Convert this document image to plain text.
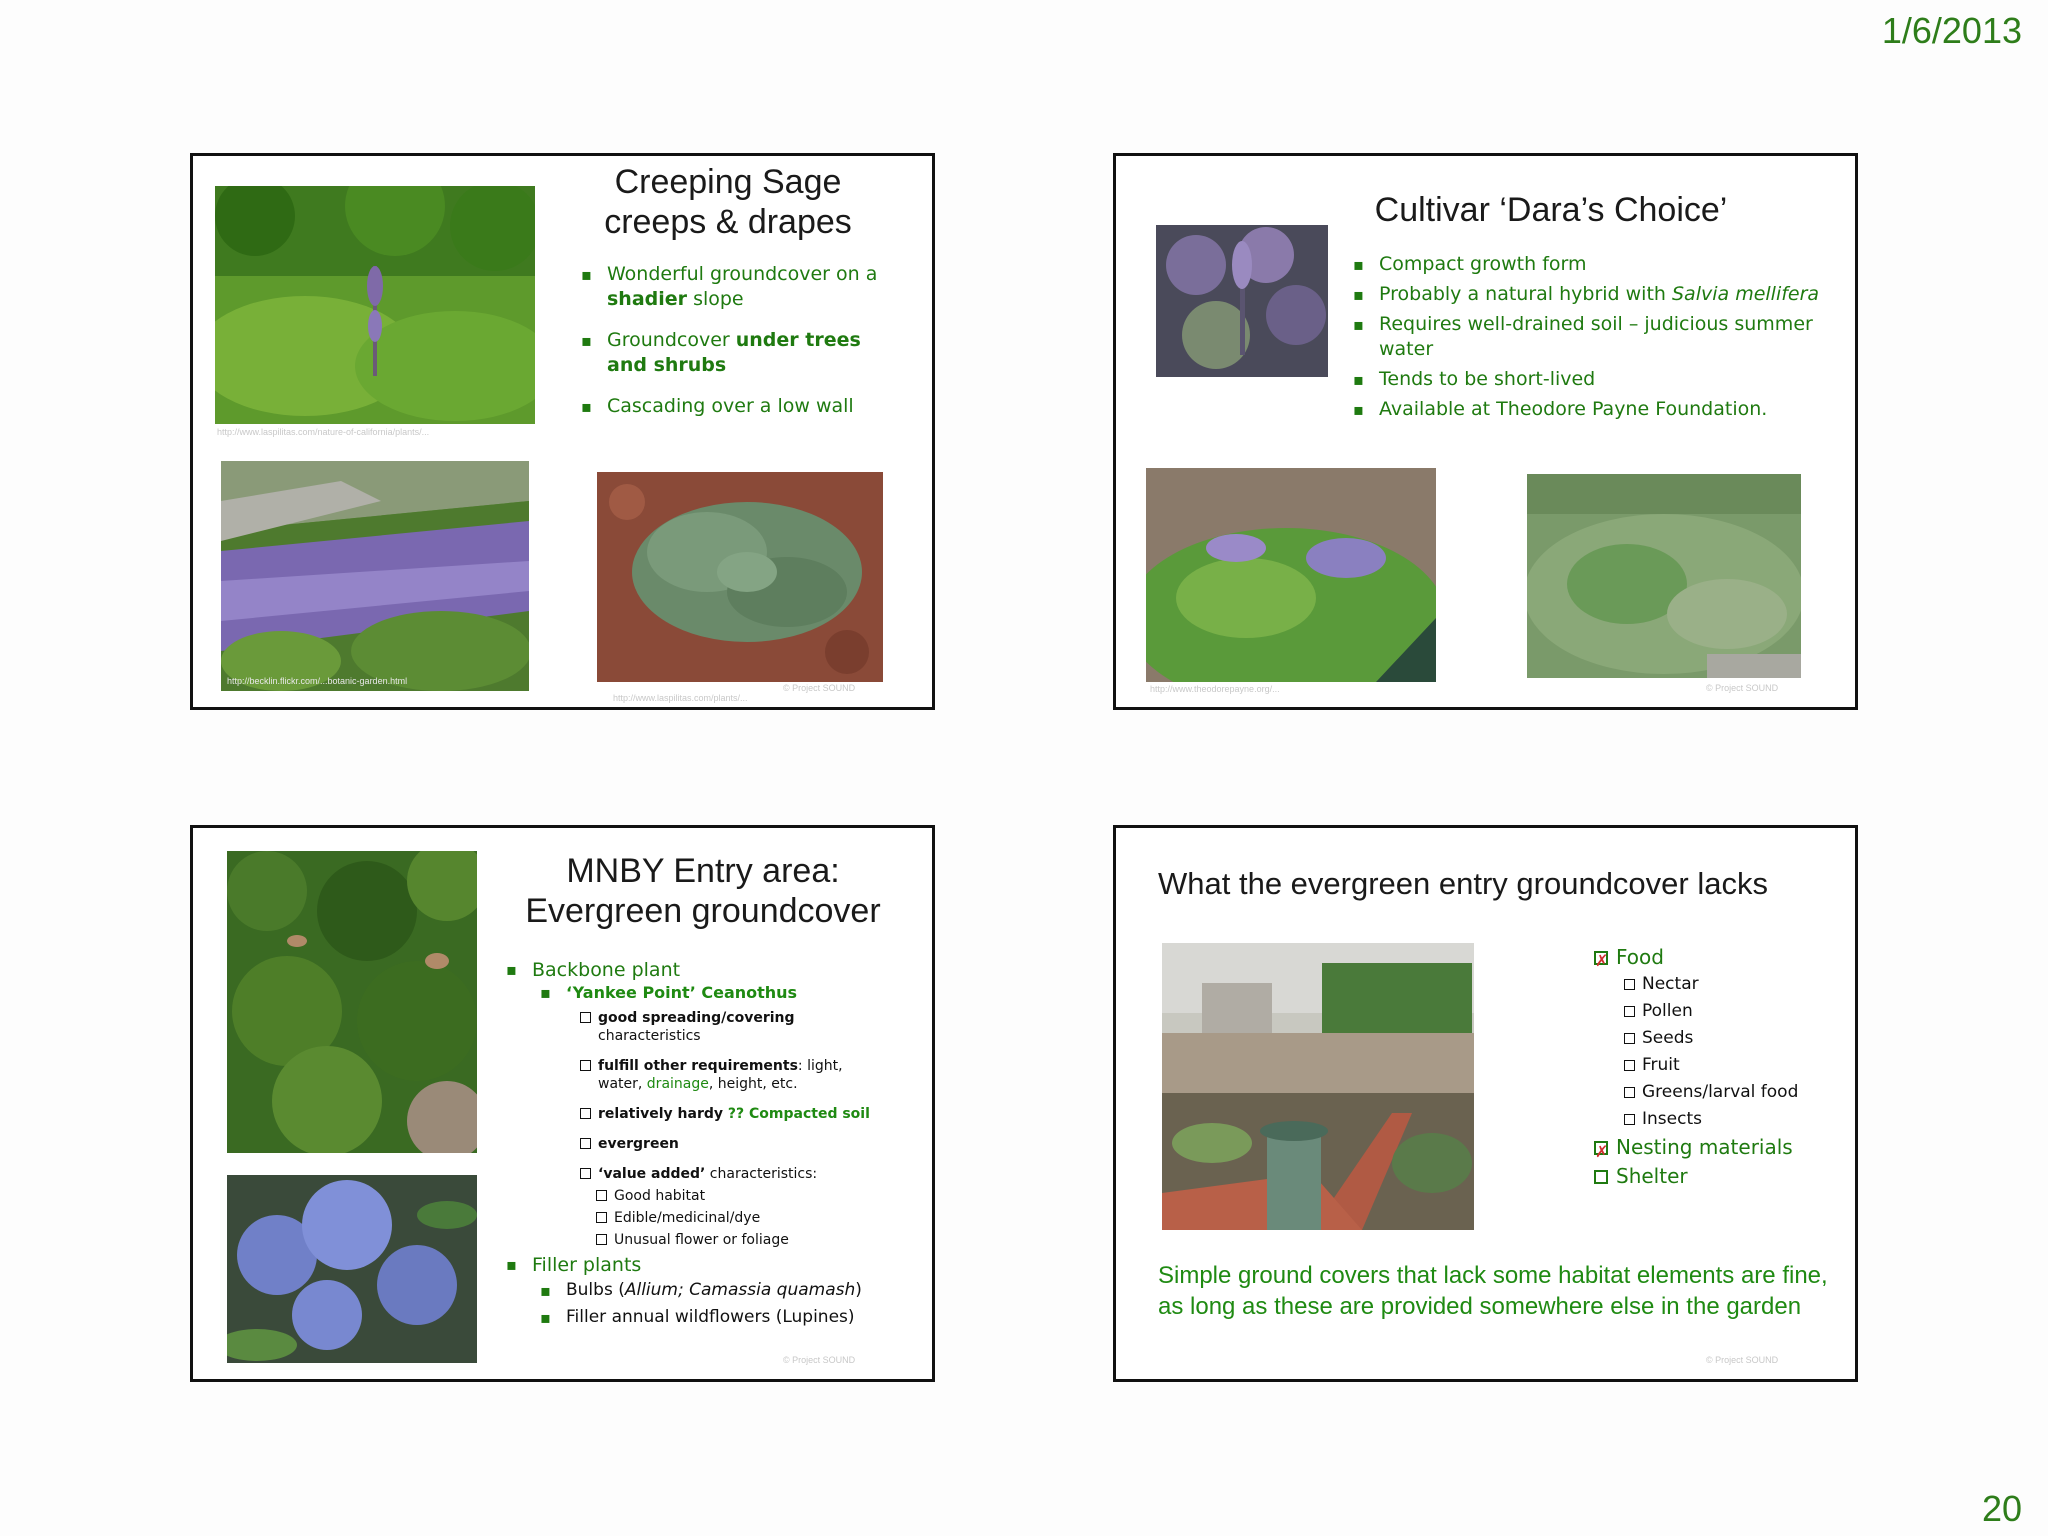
1/6/2013
http://www.laspilitas.com/nature-of-california/plants/...
Creeping Sage
creeps & drapes
▪ Wonderful groundcover on a shadier slope
▪ Groundcover under trees and shrubs
▪ Cascading over a low wall
http://becklin.flickr.com/...botanic-garden.html
http://www.laspilitas.com/plants/...
© Project SOUND
Cultivar ‘Dara’s Choice’
▪ Compact growth form
▪ Probably a natural hybrid with Salvia mellifera
▪ Requires well-drained soil – judicious summer water
▪ Tends to be short-lived
▪ Available at Theodore Payne Foundation.
http://www.theodorepayne.org/...	© Project SOUND
MNBY Entry area:
Evergreen groundcover
▪ Backbone plant
▪ ‘Yankee Point’ Ceanothus
good spreading/covering
characteristics
fulfill other requirements: light,
water, drainage, height, etc.
relatively hardy ?? Compacted soil
evergreen
‘value added’ characteristics:
Good habitat
Edible/medicinal/dye
Unusual flower or foliage
▪ Filler plants
▪ Bulbs (Allium; Camassia quamash)
▪ Filler annual wildflowers (Lupines)
© Project SOUND
What the evergreen entry groundcover lacks
✗Food
Nectar
Pollen
Seeds
Fruit
Greens/larval food
Insects
✗Nesting materials
Shelter
Simple ground covers that lack some habitat elements are fine, as long as these are provided somewhere else in the garden
© Project SOUND
20
